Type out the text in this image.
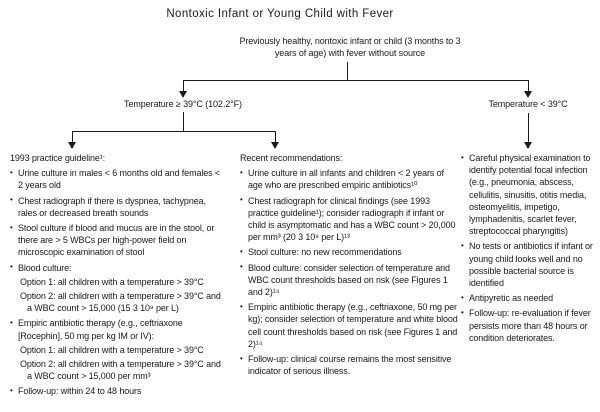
Nontoxic Infant or Young Child with Fever
Previously healthy, nontoxic infant or child (3 months to 3 years of age) with fever without source
Temperature ≥ 39°C (102.2°F)	Temperature < 39°C
1993 practice guideline¹:
• Urine culture in males < 6 months old and females < 2 years old
• Chest radiograph if there is dyspnea, tachypnea, rales or decreased breath sounds
• Stool culture if blood and mucus are in the stool, or there are > 5 WBCs per high-power field on microscopic examination of stool
• Blood culture:
Option 1: all children with a temperature > 39°C
Option 2: all children with a temperature > 39°C and a WBC count > 15,000 (15 3 10⁹ per L)
• Empiric antibiotic therapy (e.g., ceftriaxone [Rocephin], 50 mg per kg IM or IV):
Option 1: all children with a temperature > 39°C
Option 2: all children with a temperature > 39°C and a WBC count > 15,000 per mm³
• Follow-up: within 24 to 48 hours
Recent recommendations:
• Urine culture in all infants and children < 2 years of age who are prescribed empiric antibiotics¹⁰
• Chest radiograph for clinical findings (see 1993 practice guideline¹); consider radiograph if infant or child is asymptomatic and has a WBC count > 20,000 per mm³ (20 3 10⁹ per L)¹³
• Stool culture: no new recommendations
• Blood culture: consider selection of temperature and WBC count thresholds based on risk (see Figures 1 and 2)¹⁴
• Empiric antibiotic therapy (e.g., ceftriaxone, 50 mg per kg); consider selection of temperature and white blood cell count thresholds based on risk (see Figures 1 and 2)¹⁴
• Follow-up: clinical course remains the most sensitive indicator of serious illness.
• Careful physical examination to identify potential focal infection (e.g., pneumonia, abscess, cellulitis, sinusitis, otitis media, osteomyelitis, impetigo, lymphadenitis, scarlet fever, streptococcal pharyngitis)
• No tests or antibiotics if infant or young child looks well and no possible bacterial source is identified
• Antipyretic as needed
• Follow-up: re-evaluation if fever persists more than 48 hours or condition deteriorates.
